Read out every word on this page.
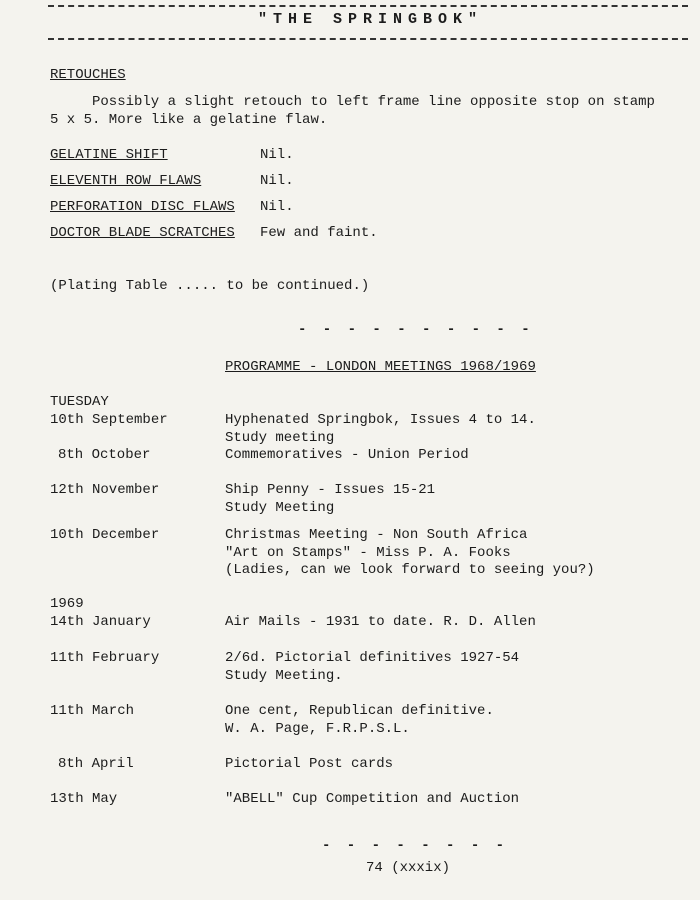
"THE SPRINGBOK"
RETOUCHES
Possibly a slight retouch to left frame line opposite stop on stamp
5 x 5. More like a gelatine flaw.
GELATINE SHIFT	Nil.
ELEVENTH ROW FLAWS	Nil.
PERFORATION DISC FLAWS Nil.
DOCTOR BLADE SCRATCHES Few and faint.
(Plating Table ..... to be continued.)
- - - - - - - - - -
PROGRAMME - LONDON MEETINGS 1968/1969
TUESDAY
10th September	Hyphenated Springbok, Issues 4 to 14.
Study meeting
8th October	Commemoratives - Union Period
12th November	Ship Penny - Issues 15-21
Study Meeting
10th December	Christmas Meeting - Non South Africa
"Art on Stamps" - Miss P. A. Fooks
(Ladies, can we look forward to seeing you?)
1969
14th January	Air Mails - 1931 to date. R. D. Allen
11th February	2/6d. Pictorial definitives 1927-54
Study Meeting.
11th March	One cent, Republican definitive.
W. A. Page, F.R.P.S.L.
8th April	Pictorial Post cards
13th May	"ABELL" Cup Competition and Auction
- - - - - - - -
74 (xxxix)
